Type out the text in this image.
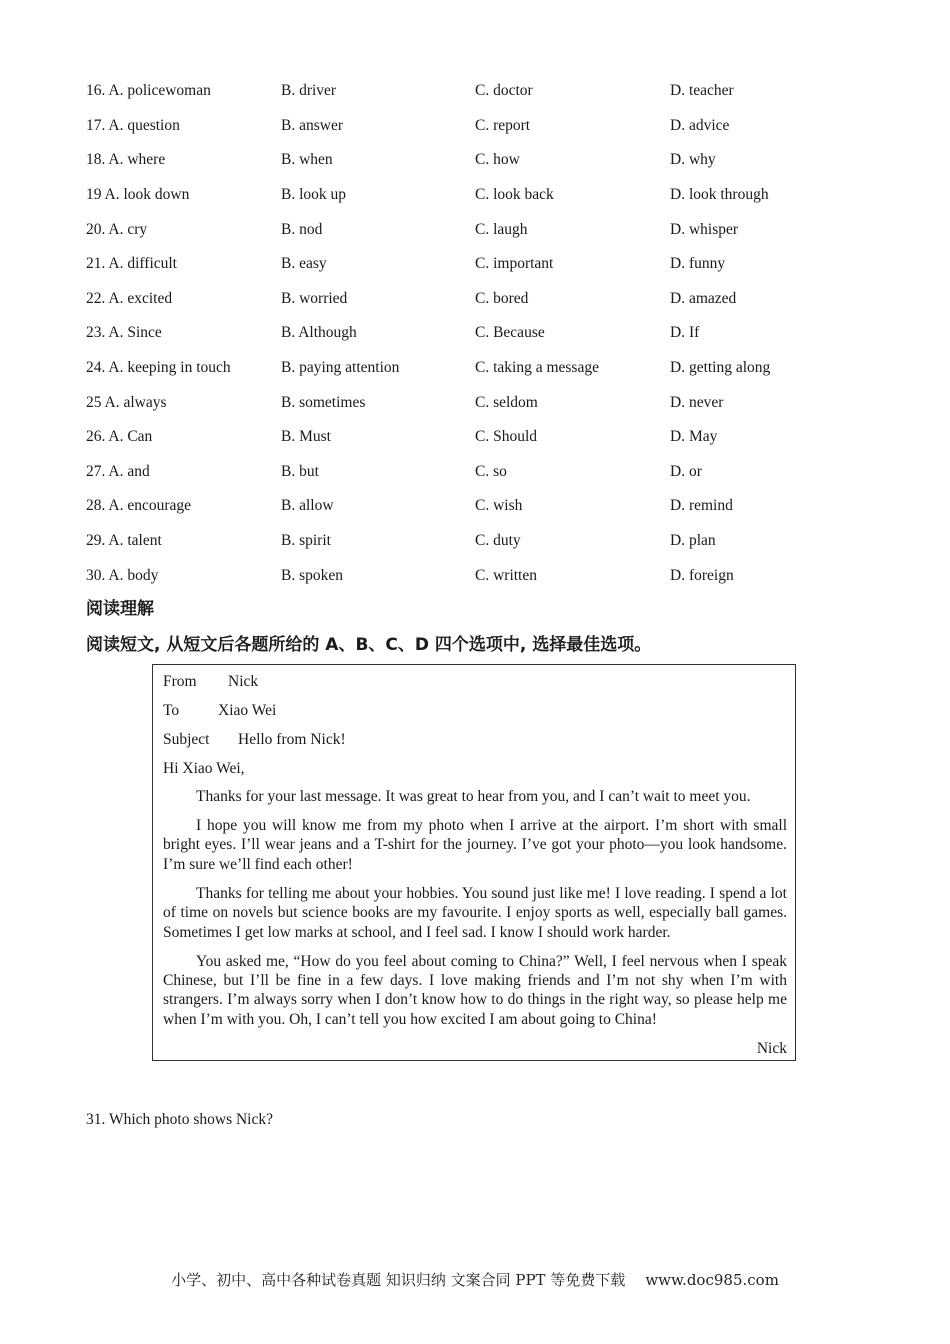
16. A. policewoman	B. driver	C. doctor	D. teacher
17. A. question	B. answer	C. report	D. advice
18. A. where	B. when	C. how	D. why
19 A. look down	B. look up	C. look back	D. look through
20. A. cry	B. nod	C. laugh	D. whisper
21. A. difficult	B. easy	C. important	D. funny
22. A. excited	B. worried	C. bored	D. amazed
23. A. Since	B. Although	C. Because	D. If
24. A. keeping in touch	B. paying attention	C. taking a message	D. getting along
25 A. always	B. sometimes	C. seldom	D. never
26. A. Can	B. Must	C. Should	D. May
27. A. and	B. but	C. so	D. or
28. A. encourage	B. allow	C. wish	D. remind
29. A. talent	B. spirit	C. duty	D. plan
30. A. body	B. spoken	C. written	D. foreign
阅读理解

阅读短文, 从短文后各题所给的 A、B、C、D 四个选项中, 选择最佳选项。

From Nick
To	Xiao Wei
Subject Hello from Nick!
Hi Xiao Wei,

Thanks for your last message. It was great to hear from you, and I can’t wait to meet you.

I hope you will know me from my photo when I arrive at the airport. I’m short with small bright eyes. I’ll wear jeans and a T-shirt for the journey. I’ve got your photo—you look handsome. I’m sure we’ll find each other!

Thanks for telling me about your hobbies. You sound just like me! I love reading. I spend a lot of time on novels but science books are my favourite. I enjoy sports as well, especially ball games. Sometimes I get low marks at school, and I feel sad. I know I should work harder.

You asked me, “How do you feel about coming to China?” Well, I feel nervous when I speak Chinese, but I’ll be fine in a few days. I love making friends and I’m not shy when I’m with strangers. I’m always sorry when I don’t know how to do things in the right way, so please help me when I’m with you. Oh, I can’t tell you how excited I am about going to China!

Nick

31. Which photo shows Nick?

小学、初中、高中各种试卷真题 知识归纳 文案合同 PPT 等免费下载 www.doc985.com
